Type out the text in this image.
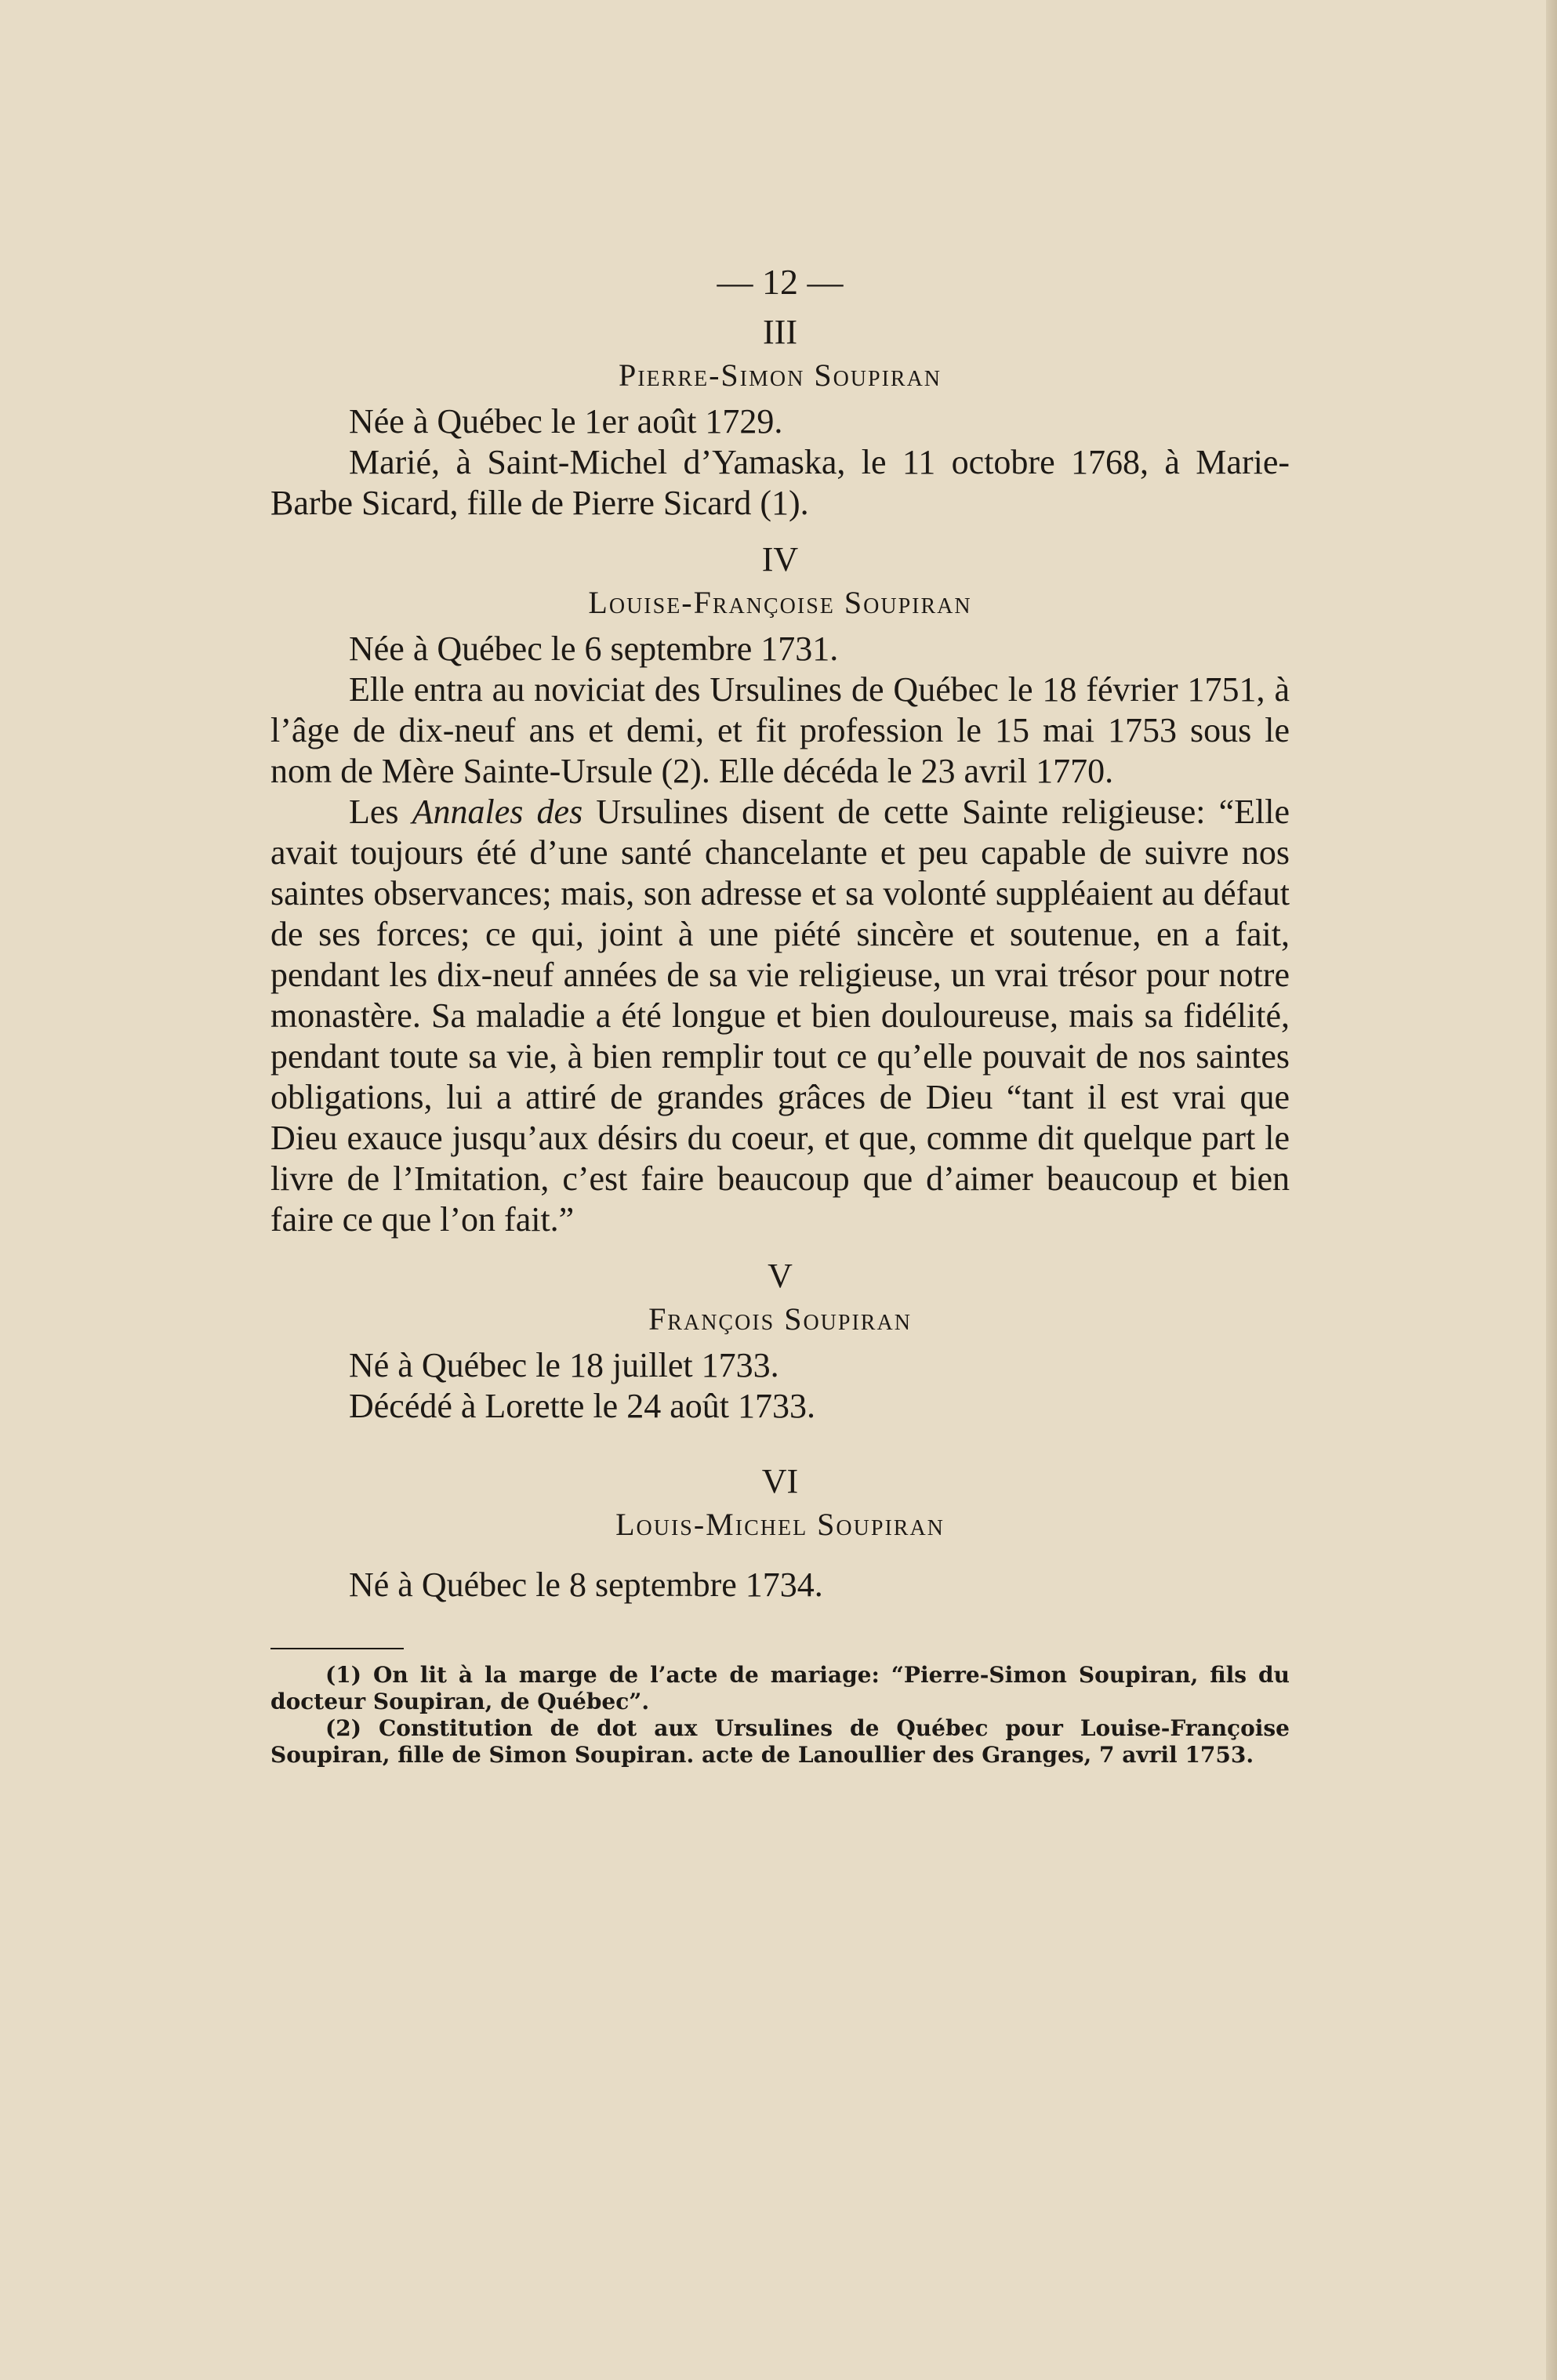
— 12 —
III
Pierre-Simon Soupiran

Née à Québec le 1er août 1729.

Marié, à Saint-Michel d’Yamaska, le 11 octobre 1768, à Marie-Barbe Sicard, fille de Pierre Sicard (1).

IV
Louise-Françoise Soupiran

Née à Québec le 6 septembre 1731.

Elle entra au noviciat des Ursulines de Québec le 18 février 1751, à l’âge de dix-neuf ans et demi, et fit profession le 15 mai 1753 sous le nom de Mère Sainte-Ursule (2). Elle décéda le 23 avril 1770.

Les Annales des Ursulines disent de cette Sainte religieuse: “Elle avait toujours été d’une santé chancelante et peu capable de suivre nos saintes observances; mais, son adresse et sa volonté suppléaient au défaut de ses forces; ce qui, joint à une piété sincère et soutenue, en a fait, pendant les dix-neuf années de sa vie religieuse, un vrai trésor pour notre monastère. Sa maladie a été longue et bien douloureuse, mais sa fidélité, pendant toute sa vie, à bien remplir tout ce qu’elle pouvait de nos saintes obligations, lui a attiré de grandes grâces de Dieu “tant il est vrai que Dieu exauce jusqu’aux désirs du coeur, et que, comme dit quelque part le livre de l’Imitation, c’est faire beaucoup que d’aimer beaucoup et bien faire ce que l’on fait.”

V
François Soupiran

Né à Québec le 18 juillet 1733.

Décédé à Lorette le 24 août 1733.

VI
Louis-Michel Soupiran

Né à Québec le 8 septembre 1734.

(1) On lit à la marge de l’acte de mariage: “Pierre-Simon Soupiran, fils du docteur Soupiran, de Québec”.

(2) Constitution de dot aux Ursulines de Québec pour Louise-Françoise Soupiran, fille de Simon Soupiran. acte de Lanoullier des Granges, 7 avril 1753.
